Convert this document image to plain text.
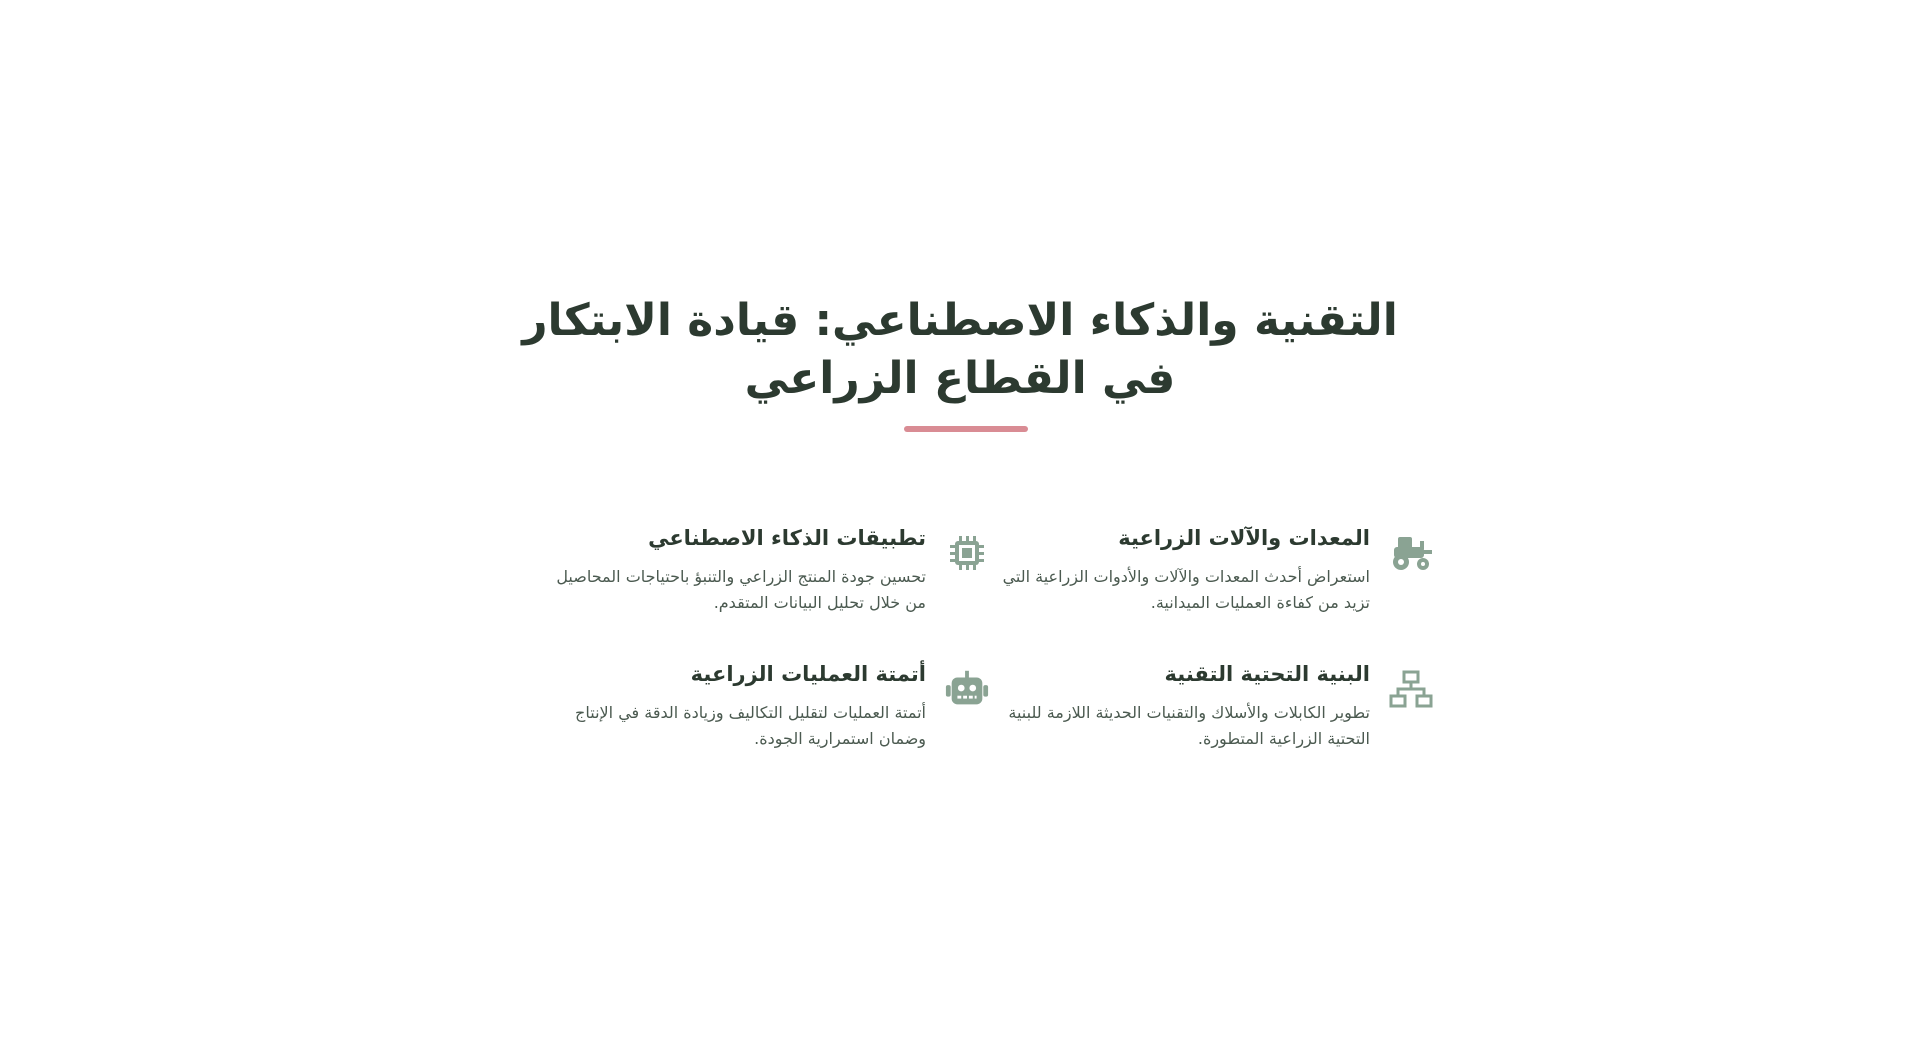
التقنية والذكاء الاصطناعي: قيادة الابتكار في القطاع الزراعي
المعدات والآلات الزراعية

استعراض أحدث المعدات والآلات والأدوات الزراعية التي تزيد من كفاءة العمليات الميدانية.

تطبيقات الذكاء الاصطناعي

تحسين جودة المنتج الزراعي والتنبؤ باحتياجات المحاصيل من خلال تحليل البيانات المتقدم.

البنية التحتية التقنية

تطوير الكابلات والأسلاك والتقنيات الحديثة اللازمة للبنية التحتية الزراعية المتطورة.

أتمتة العمليات الزراعية

أتمتة العمليات لتقليل التكاليف وزيادة الدقة في الإنتاج وضمان استمرارية الجودة.
